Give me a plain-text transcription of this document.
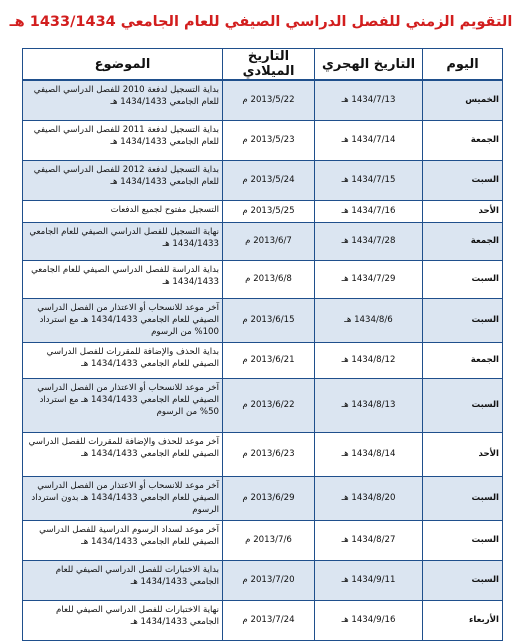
التقويم الزمني للفصل الدراسي الصيفي للعام الجامعي 1433/1434 هـ
اليوم	التاريخ الهجري	التاريخ الميلادي	الموضوع
الخميس	1434/7/13 هـ	2013/5/22 م	بداية التسجيل لدفعة 2010 للفصل الدراسي الصيفي للعام الجامعي 1434/1433 هـ
الجمعة	1434/7/14 هـ	2013/5/23 م	بداية التسجيل لدفعة 2011 للفصل الدراسي الصيفي للعام الجامعي 1434/1433 هـ
السبت	1434/7/15 هـ	2013/5/24 م	بداية التسجيل لدفعة 2012 للفصل الدراسي الصيفي للعام الجامعي 1434/1433 هـ
الأحد	1434/7/16 هـ	2013/5/25 م	التسجيل مفتوح لجميع الدفعات
الجمعة	1434/7/28 هـ	2013/6/7 م	نهاية التسجيل للفصل الدراسي الصيفي للعام الجامعي 1434/1433 هـ
السبت	1434/7/29 هـ	2013/6/8 م	بداية الدراسة للفصل الدراسي الصيفي للعام الجامعي 1434/1433 هـ
السبت	1434/8/6 هـ	2013/6/15 م	آخر موعد للانسحاب أو الاعتذار من الفصل الدراسي الصيفي للعام الجامعي 1434/1433 هـ مع استرداد 100% من الرسوم
الجمعة	1434/8/12 هـ	2013/6/21 م	بداية الحذف والإضافة للمقررات للفصل الدراسي الصيفي للعام الجامعي 1434/1433 هـ
السبت	1434/8/13 هـ	2013/6/22 م	آخر موعد للانسحاب أو الاعتذار من الفصل الدراسي الصيفي للعام الجامعي 1434/1433 هـ مع استرداد 50% من الرسوم
الأحد	1434/8/14 هـ	2013/6/23 م	آخر موعد للحذف والإضافة للمقررات للفصل الدراسي الصيفي للعام الجامعي 1434/1433 هـ
السبت	1434/8/20 هـ	2013/6/29 م	آخر موعد للانسحاب أو الاعتذار من الفصل الدراسي الصيفي للعام الجامعي 1434/1433 هـ بدون استرداد الرسوم
السبت	1434/8/27 هـ	2013/7/6 م	آخر موعد لسداد الرسوم الدراسية للفصل الدراسي الصيفي للعام الجامعي 1434/1433 هـ
السبت	1434/9/11 هـ	2013/7/20 م	بداية الاختبارات للفصل الدراسي الصيفي للعام الجامعي 1434/1433 هـ
الأربعاء	1434/9/16 هـ	2013/7/24 م	نهاية الاختبارات للفصل الدراسي الصيفي للعام الجامعي 1434/1433 هـ
